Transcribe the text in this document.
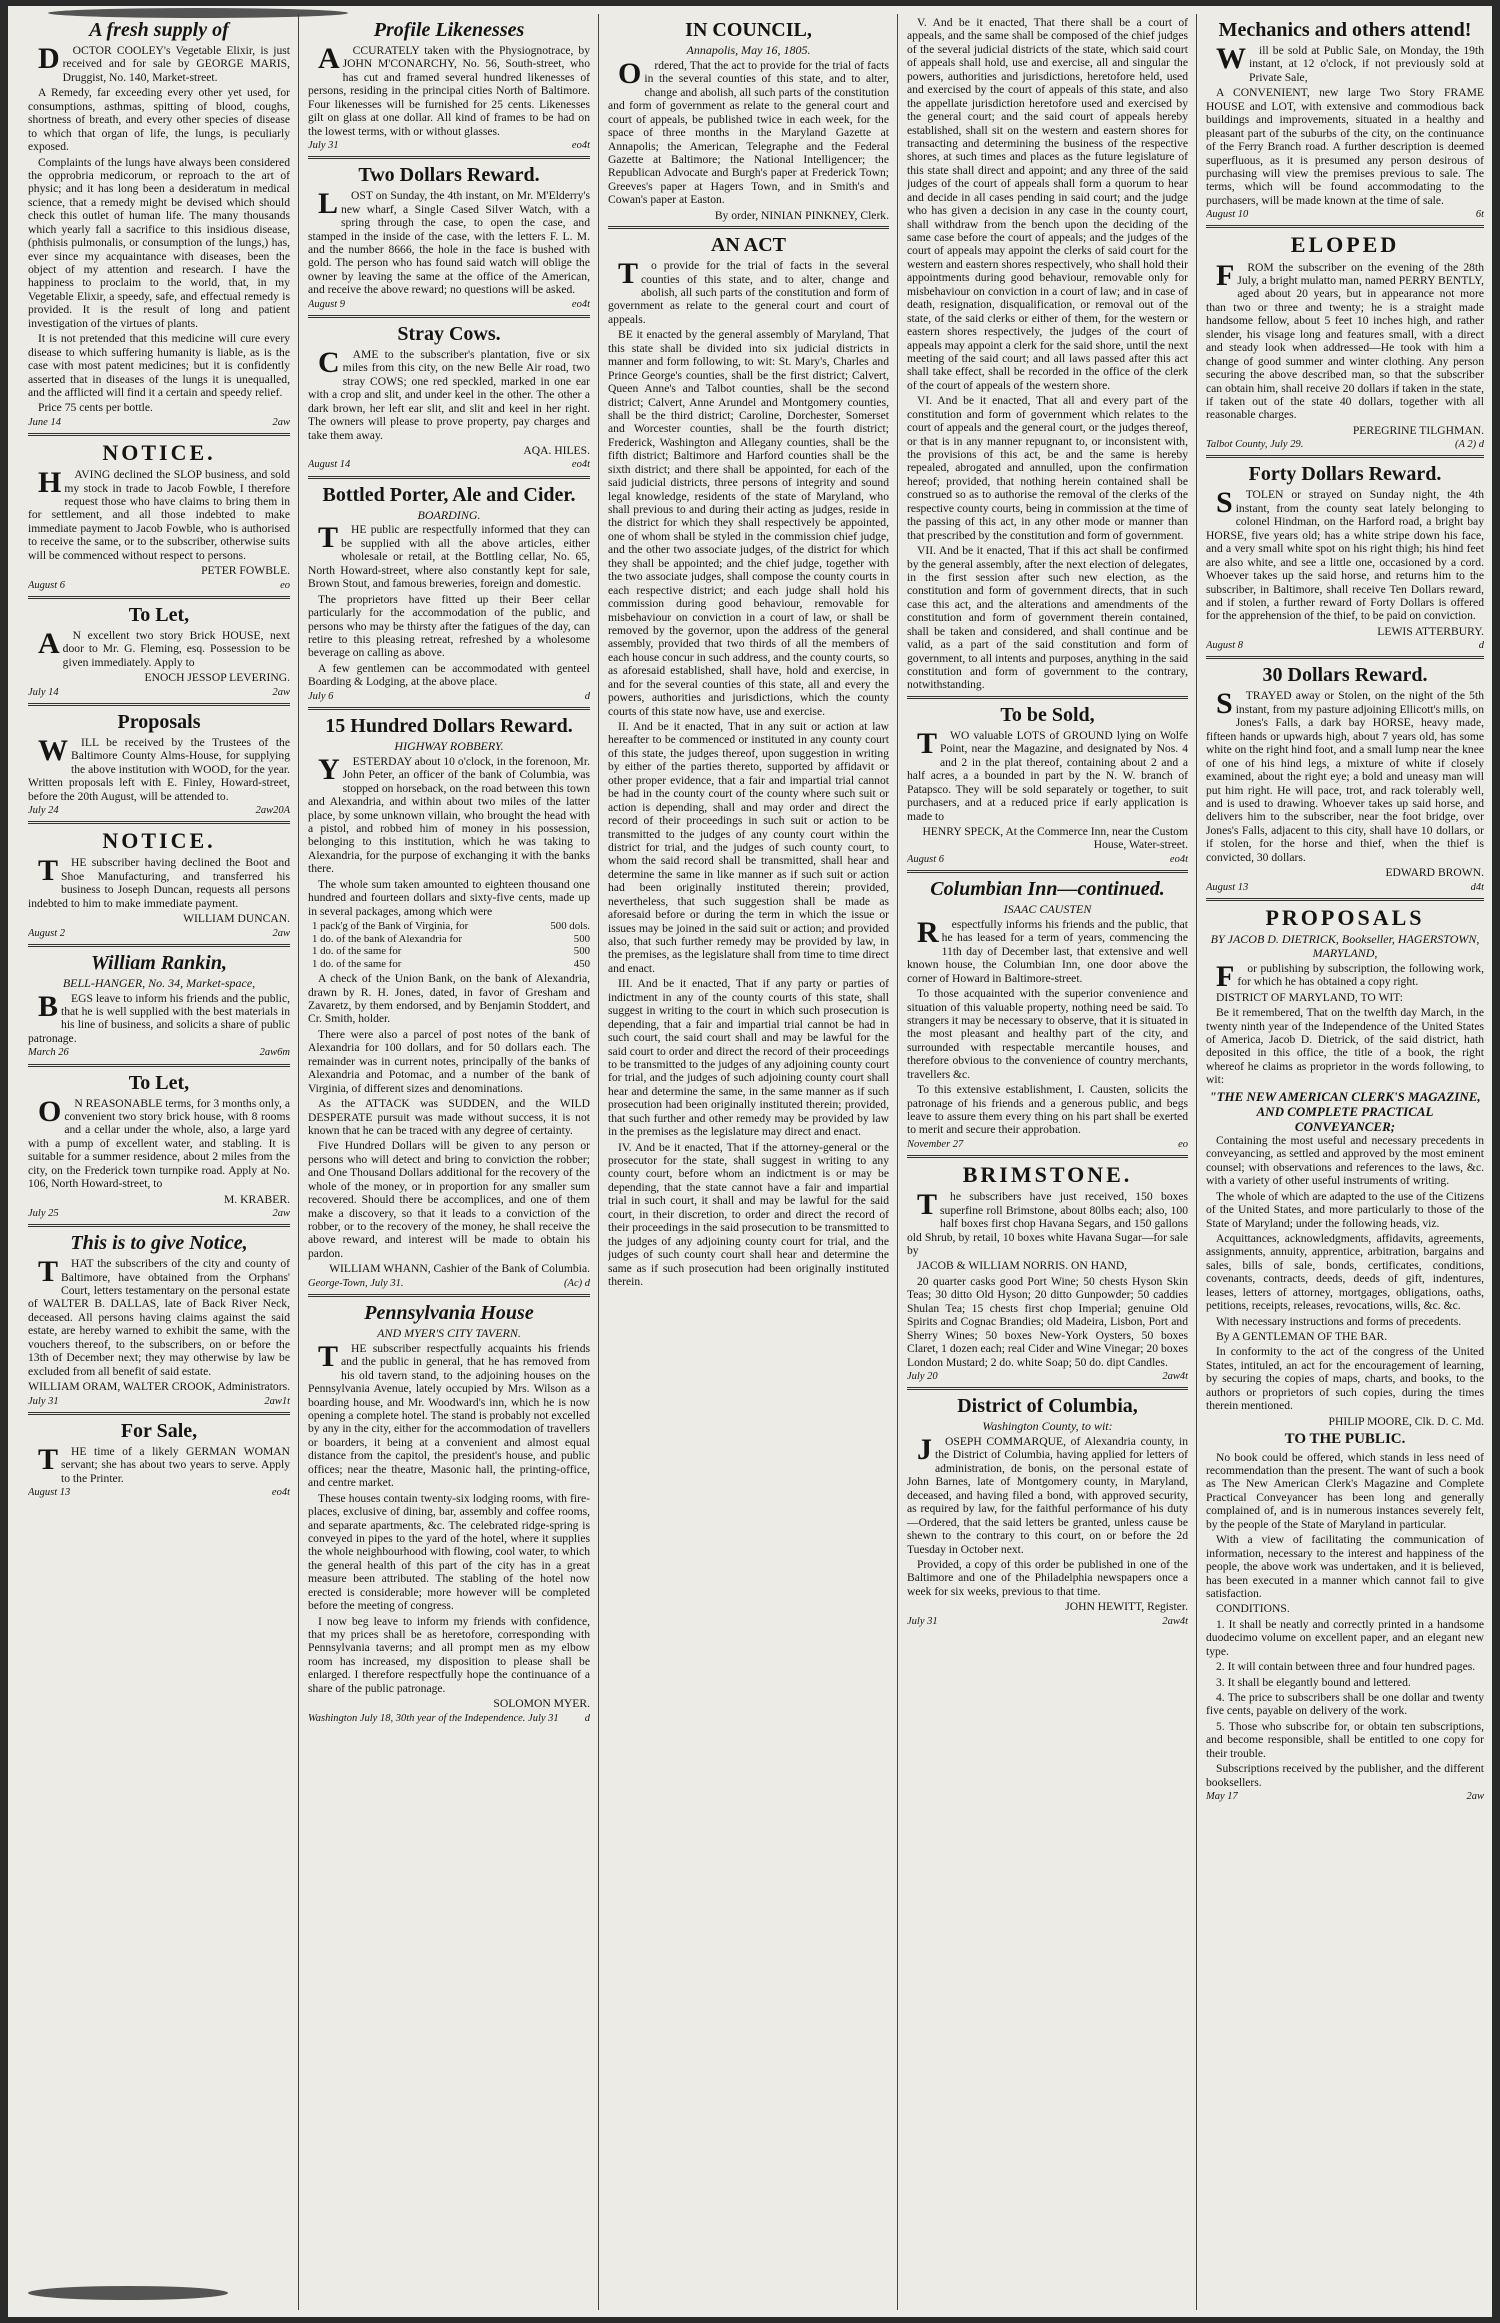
A fresh supply of
DOCTOR COOLEY's Vegetable Elixir, is just received and for sale by GEORGE MARIS, Druggist, No. 140, Market-street.
A Remedy, far exceeding every other yet used, for consumptions, asthmas, spitting of blood, coughs, shortness of breath, and every other species of disease to which that organ of life, the lungs, is peculiarly exposed.
Complaints of the lungs have always been considered the opprobria medicorum, or reproach to the art of physic; and it has long been a desideratum in medical science, that a remedy might be devised which should check this outlet of human life. The many thousands which yearly fall a sacrifice to this insidious disease, (phthisis pulmonalis, or consumption of the lungs,) has, ever since my acquaintance with diseases, been the object of my attention and research. I have the happiness to proclaim to the world, that, in my Vegetable Elixir, a speedy, safe, and effectual remedy is provided. It is the result of long and patient investigation of the virtues of plants.
It is not pretended that this medicine will cure every disease to which suffering humanity is liable, as is the case with most patent medicines; but it is confidently asserted that in diseases of the lungs it is unequalled, and the afflicted will find it a certain and speedy relief.
Price 75 cents per bottle.
June 14	2aw
NOTICE.
HAVING declined the SLOP business, and sold my stock in trade to Jacob Fowble, I therefore request those who have claims to bring them in for settlement, and all those indebted to make immediate payment to Jacob Fowble, who is authorised to receive the same, or to the subscriber, otherwise suits will be commenced without respect to persons.
PETER FOWBLE.
August 6	eo
To Let,
AN excellent two story Brick HOUSE, next door to Mr. G. Fleming, esq. Possession to be given immediately. Apply to
ENOCH JESSOP LEVERING.
July 14	2aw
Proposals
WILL be received by the Trustees of the Baltimore County Alms-House, for supplying the above institution with WOOD, for the year. Written proposals left with E. Finley, Howard-street, before the 20th August, will be attended to.
July 24	2aw20A
NOTICE.
THE subscriber having declined the Boot and Shoe Manufacturing, and transferred his business to Joseph Duncan, requests all persons indebted to him to make immediate payment.
WILLIAM DUNCAN.
August 2	2aw
William Rankin,
BELL-HANGER, No. 34, Market-space,
BEGS leave to inform his friends and the public, that he is well supplied with the best materials in his line of business, and solicits a share of public patronage.
March 26	2aw6m
To Let,
ON REASONABLE terms, for 3 months only, a convenient two story brick house, with 8 rooms and a cellar under the whole, also, a large yard with a pump of excellent water, and stabling. It is suitable for a summer residence, about 2 miles from the city, on the Frederick town turnpike road. Apply at No. 106, North Howard-street, to
M. KRABER.
July 25	2aw
This is to give Notice,
THAT the subscribers of the city and county of Baltimore, have obtained from the Orphans' Court, letters testamentary on the personal estate of WALTER B. DALLAS, late of Back River Neck, deceased. All persons having claims against the said estate, are hereby warned to exhibit the same, with the vouchers thereof, to the subscribers, on or before the 13th of December next; they may otherwise by law be excluded from all benefit of said estate.
WILLIAM ORAM, WALTER CROOK, Administrators.
July 31	2aw1t
For Sale,
THE time of a likely GERMAN WOMAN servant; she has about two years to serve. Apply to the Printer.
August 13	eo4t
Profile Likenesses
ACCURATELY taken with the Physiognotrace, by JOHN M'CONARCHY, No. 56, South-street, who has cut and framed several hundred likenesses of persons, residing in the principal cities North of Baltimore. Four likenesses will be furnished for 25 cents. Likenesses gilt on glass at one dollar. All kind of frames to be had on the lowest terms, with or without glasses.
July 31	eo4t
Two Dollars Reward.
LOST on Sunday, the 4th instant, on Mr. M'Elderry's new wharf, a Single Cased Silver Watch, with a spring through the case, to open the case, and stamped in the inside of the case, with the letters F. L. M. and the number 8666, the hole in the face is bushed with gold. The person who has found said watch will oblige the owner by leaving the same at the office of the American, and receive the above reward; no questions will be asked.
August 9	eo4t
Stray Cows.
CAME to the subscriber's plantation, five or six miles from this city, on the new Belle Air road, two stray COWS; one red speckled, marked in one ear with a crop and slit, and under keel in the other. The other a dark brown, her left ear slit, and slit and keel in her right. The owners will please to prove property, pay charges and take them away.
AQA. HILES.
August 14	eo4t
Bottled Porter, Ale and Cider.
BOARDING.
THE public are respectfully informed that they can be supplied with all the above articles, either wholesale or retail, at the Bottling cellar, No. 65, North Howard-street, where also constantly kept for sale, Brown Stout, and famous breweries, foreign and domestic.
The proprietors have fitted up their Beer cellar particularly for the accommodation of the public, and persons who may be thirsty after the fatigues of the day, can retire to this pleasing retreat, refreshed by a wholesome beverage on calling as above.
A few gentlemen can be accommodated with genteel Boarding & Lodging, at the above place.
July 6	d
15 Hundred Dollars Reward.
HIGHWAY ROBBERY.
YESTERDAY about 10 o'clock, in the forenoon, Mr. John Peter, an officer of the bank of Columbia, was stopped on horseback, on the road between this town and Alexandria, and within about two miles of the latter place, by some unknown villain, who brought the head with a pistol, and robbed him of money in his possession, belonging to this institution, which he was taking to Alexandria, for the purpose of exchanging it with the banks there.
The whole sum taken amounted to eighteen thousand one hundred and fourteen dollars and sixty-five cents, made up in several packages, among which were
1 pack'g of the Bank of Virginia, for	500 dols.
1 do. of the bank of Alexandria for	500
1 do. of the same for	500
1 do. of the same for	450
A check of the Union Bank, on the bank of Alexandria, drawn by R. H. Jones, dated, in favor of Gresham and Zavaretz, by them endorsed, and by Benjamin Stoddert, and Cr. Smith, holder.
There were also a parcel of post notes of the bank of Alexandria for 100 dollars, and for 50 dollars each. The remainder was in current notes, principally of the banks of Alexandria and Potomac, and a number of the bank of Virginia, of different sizes and denominations.
As the ATTACK was SUDDEN, and the WILD DESPERATE pursuit was made without success, it is not known that he can be traced with any degree of certainty.
Five Hundred Dollars will be given to any person or persons who will detect and bring to conviction the robber; and One Thousand Dollars additional for the recovery of the whole of the money, or in proportion for any smaller sum recovered. Should there be accomplices, and one of them make a discovery, so that it leads to a conviction of the robber, or to the recovery of the money, he shall receive the above reward, and interest will be made to obtain his pardon.
WILLIAM WHANN, Cashier of the Bank of Columbia.
George-Town, July 31.	(Ac) d
Pennsylvania House
AND MYER'S CITY TAVERN.
THE subscriber respectfully acquaints his friends and the public in general, that he has removed from his old tavern stand, to the adjoining houses on the Pennsylvania Avenue, lately occupied by Mrs. Wilson as a boarding house, and Mr. Woodward's inn, which he is now opening a complete hotel. The stand is probably not excelled by any in the city, either for the accommodation of travellers or boarders, it being at a convenient and almost equal distance from the capitol, the president's house, and public offices; near the theatre, Masonic hall, the printing-office, and centre market.
These houses contain twenty-six lodging rooms, with fire-places, exclusive of dining, bar, assembly and coffee rooms, and separate apartments, &c. The celebrated ridge-spring is conveyed in pipes to the yard of the hotel, where it supplies the whole neighbourhood with flowing, cool water, to which the general health of this part of the city has in a great measure been attributed. The stabling of the hotel now erected is considerable; more however will be completed before the meeting of congress.
I now beg leave to inform my friends with confidence, that my prices shall be as heretofore, corresponding with Pennsylvania taverns; and all prompt men as my elbow room has increased, my disposition to please shall be enlarged. I therefore respectfully hope the continuance of a share of the public patronage.
SOLOMON MYER.
Washington July 18, 30th year of the Independence. July 31 d
IN COUNCIL,
Annapolis, May 16, 1805.
Ordered, That the act to provide for the trial of facts in the several counties of this state, and to alter, change and abolish, all such parts of the constitution and form of government as relate to the general court and court of appeals, be published twice in each week, for the space of three months in the Maryland Gazette at Annapolis; the American, Telegraphe and the Federal Gazette at Baltimore; the National Intelligencer; the Republican Advocate and Burgh's paper at Frederick Town; Greeves's paper at Hagers Town, and in Smith's and Cowan's paper at Easton.
By order, NINIAN PINKNEY, Clerk.
AN ACT
To provide for the trial of facts in the several counties of this state, and to alter, change and abolish, all such parts of the constitution and form of government as relate to the general court and court of appeals.
BE it enacted by the general assembly of Maryland, That this state shall be divided into six judicial districts in manner and form following, to wit: St. Mary's, Charles and Prince George's counties, shall be the first district; Calvert, Queen Anne's and Talbot counties, shall be the second district; Calvert, Anne Arundel and Montgomery counties, shall be the third district; Caroline, Dorchester, Somerset and Worcester counties, shall be the fourth district; Frederick, Washington and Allegany counties, shall be the fifth district; Baltimore and Harford counties shall be the sixth district; and there shall be appointed, for each of the said judicial districts, three persons of integrity and sound legal knowledge, residents of the state of Maryland, who shall previous to and during their acting as judges, reside in the district for which they shall respectively be appointed, one of whom shall be styled in the commission chief judge, and the other two associate judges, of the district for which they shall be appointed; and the chief judge, together with the two associate judges, shall compose the county courts in each respective district; and each judge shall hold his commission during good behaviour, removable for misbehaviour on conviction in a court of law, or shall be removed by the governor, upon the address of the general assembly, provided that two thirds of all the members of each house concur in such address, and the county courts, so as aforesaid established, shall have, hold and exercise, in and for the several counties of this state, all and every the powers, authorities and jurisdictions, which the county courts of this state now have, use and exercise.
II. And be it enacted, That in any suit or action at law hereafter to be commenced or instituted in any county court of this state, the judges thereof, upon suggestion in writing by either of the parties thereto, supported by affidavit or other proper evidence, that a fair and impartial trial cannot be had in the county court of the county where such suit or action is depending, shall and may order and direct the record of their proceedings in such suit or action to be transmitted to the judges of any county court within the district for trial, and the judges of such county court, to whom the said record shall be transmitted, shall hear and determine the same in like manner as if such suit or action had been originally instituted therein; provided, nevertheless, that such suggestion shall be made as aforesaid before or during the term in which the issue or issues may be joined in the said suit or action; and provided also, that such further remedy may be provided by law, in the premises, as the legislature shall from time to time direct and enact.
III. And be it enacted, That if any party or parties of indictment in any of the county courts of this state, shall suggest in writing to the court in which such prosecution is depending, that a fair and impartial trial cannot be had in such court, the said court shall and may be lawful for the said court to order and direct the record of their proceedings to be transmitted to the judges of any adjoining county court for trial, and the judges of such adjoining county court shall hear and determine the same, in the same manner as if such prosecution had been originally instituted therein; provided, that such further and other remedy may be provided by law in the premises as the legislature may direct and enact.
IV. And be it enacted, That if the attorney-general or the prosecutor for the state, shall suggest in writing to any county court, before whom an indictment is or may be depending, that the state cannot have a fair and impartial trial in such court, it shall and may be lawful for the said court, in their discretion, to order and direct the record of their proceedings in the said prosecution to be transmitted to the judges of any adjoining county court for trial, and the judges of such county court shall hear and determine the same as if such prosecution had been originally instituted therein.
V. And be it enacted, That there shall be a court of appeals, and the same shall be composed of the chief judges of the several judicial districts of the state, which said court of appeals shall hold, use and exercise, all and singular the powers, authorities and jurisdictions, heretofore held, used and exercised by the court of appeals of this state, and also the appellate jurisdiction heretofore used and exercised by the general court; and the said court of appeals hereby established, shall sit on the western and eastern shores for transacting and determining the business of the respective shores, at such times and places as the future legislature of this state shall direct and appoint; and any three of the said judges of the court of appeals shall form a quorum to hear and decide in all cases pending in said court; and the judge who has given a decision in any case in the county court, shall withdraw from the bench upon the deciding of the same case before the court of appeals; and the judges of the court of appeals may appoint the clerks of said court for the western and eastern shores respectively, who shall hold their appointments during good behaviour, removable only for misbehaviour on conviction in a court of law; and in case of death, resignation, disqualification, or removal out of the state, of the said clerks or either of them, for the western or eastern shores respectively, the judges of the court of appeals may appoint a clerk for the said shore, until the next meeting of the said court; and all laws passed after this act shall take effect, shall be recorded in the office of the clerk of the court of appeals of the western shore.
VI. And be it enacted, That all and every part of the constitution and form of government which relates to the court of appeals and the general court, or the judges thereof, or that is in any manner repugnant to, or inconsistent with, the provisions of this act, be and the same is hereby repealed, abrogated and annulled, upon the confirmation hereof; provided, that nothing herein contained shall be construed so as to authorise the removal of the clerks of the respective county courts, being in commission at the time of the passing of this act, in any other mode or manner than that prescribed by the constitution and form of government.
VII. And be it enacted, That if this act shall be confirmed by the general assembly, after the next election of delegates, in the first session after such new election, as the constitution and form of government directs, that in such case this act, and the alterations and amendments of the constitution and form of government therein contained, shall be taken and considered, and shall continue and be valid, as a part of the said constitution and form of government, to all intents and purposes, anything in the said constitution and form of government to the contrary, notwithstanding.
To be Sold,
TWO valuable LOTS of GROUND lying on Wolfe Point, near the Magazine, and designated by Nos. 4 and 2 in the plat thereof, containing about 2 and a half acres, a a bounded in part by the N. W. branch of Patapsco. They will be sold separately or together, to suit purchasers, and at a reduced price if early application is made to
HENRY SPECK, At the Commerce Inn, near the Custom House, Water-street.
August 6	eo4t
Columbian Inn—continued.
ISAAC CAUSTEN
Respectfully informs his friends and the public, that he has leased for a term of years, commencing the 11th day of December last, that extensive and well known house, the Columbian Inn, one door above the corner of Howard in Baltimore-street.
To those acquainted with the superior convenience and situation of this valuable property, nothing need be said. To strangers it may be necessary to observe, that it is situated in the most pleasant and healthy part of the city, and surrounded with respectable mercantile houses, and therefore obvious to the convenience of country merchants, travellers &c.
To this extensive establishment, I. Causten, solicits the patronage of his friends and a generous public, and begs leave to assure them every thing on his part shall be exerted to merit and secure their approbation.
November 27	eo
BRIMSTONE.
The subscribers have just received, 150 boxes superfine roll Brimstone, about 80lbs each; also, 100 half boxes first chop Havana Segars, and 150 gallons old Shrub, by retail, 10 boxes white Havana Sugar—for sale by
JACOB & WILLIAM NORRIS. ON HAND,
20 quarter casks good Port Wine; 50 chests Hyson Skin Teas; 30 ditto Old Hyson; 20 ditto Gunpowder; 50 caddies Shulan Tea; 15 chests first chop Imperial; genuine Old Spirits and Cognac Brandies; old Madeira, Lisbon, Port and Sherry Wines; 50 boxes New-York Oysters, 50 boxes Claret, 1 dozen each; real Cider and Wine Vinegar; 20 boxes London Mustard; 2 do. white Soap; 50 do. dipt Candles.
July 20	2aw4t
District of Columbia,
Washington County, to wit:
JOSEPH COMMARQUE, of Alexandria county, in the District of Columbia, having applied for letters of administration, de bonis, on the personal estate of John Barnes, late of Montgomery county, in Maryland, deceased, and having filed a bond, with approved security, as required by law, for the faithful performance of his duty—Ordered, that the said letters be granted, unless cause be shewn to the contrary to this court, on or before the 2d Tuesday in October next.
Provided, a copy of this order be published in one of the Baltimore and one of the Philadelphia newspapers once a week for six weeks, previous to that time.
JOHN HEWITT, Register.
July 31	2aw4t
Mechanics and others attend!
Will be sold at Public Sale, on Monday, the 19th instant, at 12 o'clock, if not previously sold at Private Sale,
A CONVENIENT, new large Two Story FRAME HOUSE and LOT, with extensive and commodious back buildings and improvements, situated in a healthy and pleasant part of the suburbs of the city, on the continuance of the Ferry Branch road. A further description is deemed superfluous, as it is presumed any person desirous of purchasing will view the premises previous to sale. The terms, which will be found accommodating to the purchasers, will be made known at the time of sale.
August 10	6t
ELOPED
FROM the subscriber on the evening of the 28th July, a bright mulatto man, named PERRY BENTLY, aged about 20 years, but in appearance not more than two or three and twenty; he is a straight made handsome fellow, about 5 feet 10 inches high, and rather slender, his visage long and features small, with a direct and steady look when addressed—He took with him a change of good summer and winter clothing. Any person securing the above described man, so that the subscriber can obtain him, shall receive 20 dollars if taken in the state, if taken out of the state 40 dollars, together with all reasonable charges.
PEREGRINE TILGHMAN.
Talbot County, July 29.	(A 2) d
Forty Dollars Reward.
STOLEN or strayed on Sunday night, the 4th instant, from the county seat lately belonging to colonel Hindman, on the Harford road, a bright bay HORSE, five years old; has a white stripe down his face, and a very small white spot on his right thigh; his hind feet are also white, and see a little one, occasioned by a cord. Whoever takes up the said horse, and returns him to the subscriber, in Baltimore, shall receive Ten Dollars reward, and if stolen, a further reward of Forty Dollars is offered for the apprehension of the thief, to be paid on conviction.
LEWIS ATTERBURY.
August 8	d
30 Dollars Reward.
STRAYED away or Stolen, on the night of the 5th instant, from my pasture adjoining Ellicott's mills, on Jones's Falls, a dark bay HORSE, heavy made, fifteen hands or upwards high, about 7 years old, has some white on the right hind foot, and a small lump near the knee of one of his hind legs, a mixture of white if closely examined, about the right eye; a bold and uneasy man will put him right. He will pace, trot, and rack tolerably well, and is used to drawing. Whoever takes up said horse, and delivers him to the subscriber, near the foot bridge, over Jones's Falls, adjacent to this city, shall have 10 dollars, or if stolen, for the horse and thief, when the thief is convicted, 30 dollars.
EDWARD BROWN.
August 13	d4t
PROPOSALS
BY JACOB D. DIETRICK, Bookseller, HAGERSTOWN, MARYLAND,
For publishing by subscription, the following work, for which he has obtained a copy right.
DISTRICT OF MARYLAND, TO WIT:
Be it remembered, That on the twelfth day March, in the twenty ninth year of the Independence of the United States of America, Jacob D. Dietrick, of the said district, hath deposited in this office, the title of a book, the right whereof he claims as proprietor in the words following, to wit:
"THE NEW AMERICAN CLERK'S MAGAZINE, AND COMPLETE PRACTICAL CONVEYANCER;
Containing the most useful and necessary precedents in conveyancing, as settled and approved by the most eminent counsel; with observations and references to the laws, &c. with a variety of other useful instruments of writing.
The whole of which are adapted to the use of the Citizens of the United States, and more particularly to those of the State of Maryland; under the following heads, viz.
Acquittances, acknowledgments, affidavits, agreements, assignments, annuity, apprentice, arbitration, bargains and sales, bills of sale, bonds, certificates, conditions, covenants, contracts, deeds, deeds of gift, indentures, leases, letters of attorney, mortgages, obligations, oaths, petitions, receipts, releases, revocations, wills, &c. &c.
With necessary instructions and forms of precedents.
By A GENTLEMAN OF THE BAR.
In conformity to the act of the congress of the United States, intituled, an act for the encouragement of learning, by securing the copies of maps, charts, and books, to the authors or proprietors of such copies, during the times therein mentioned.
PHILIP MOORE, Clk. D. C. Md.
TO THE PUBLIC.
No book could be offered, which stands in less need of recommendation than the present. The want of such a book as The New American Clerk's Magazine and Complete Practical Conveyancer has been long and generally complained of, and is in numerous instances severely felt, by the people of the State of Maryland in particular.
With a view of facilitating the communication of information, necessary to the interest and happiness of the people, the above work was undertaken, and it is believed, has been executed in a manner which cannot fail to give satisfaction.
CONDITIONS.
1. It shall be neatly and correctly printed in a handsome duodecimo volume on excellent paper, and an elegant new type.
2. It will contain between three and four hundred pages.
3. It shall be elegantly bound and lettered.
4. The price to subscribers shall be one dollar and twenty five cents, payable on delivery of the work.
5. Those who subscribe for, or obtain ten subscriptions, and become responsible, shall be entitled to one copy for their trouble.
Subscriptions received by the publisher, and the different booksellers.
May 17	2aw
